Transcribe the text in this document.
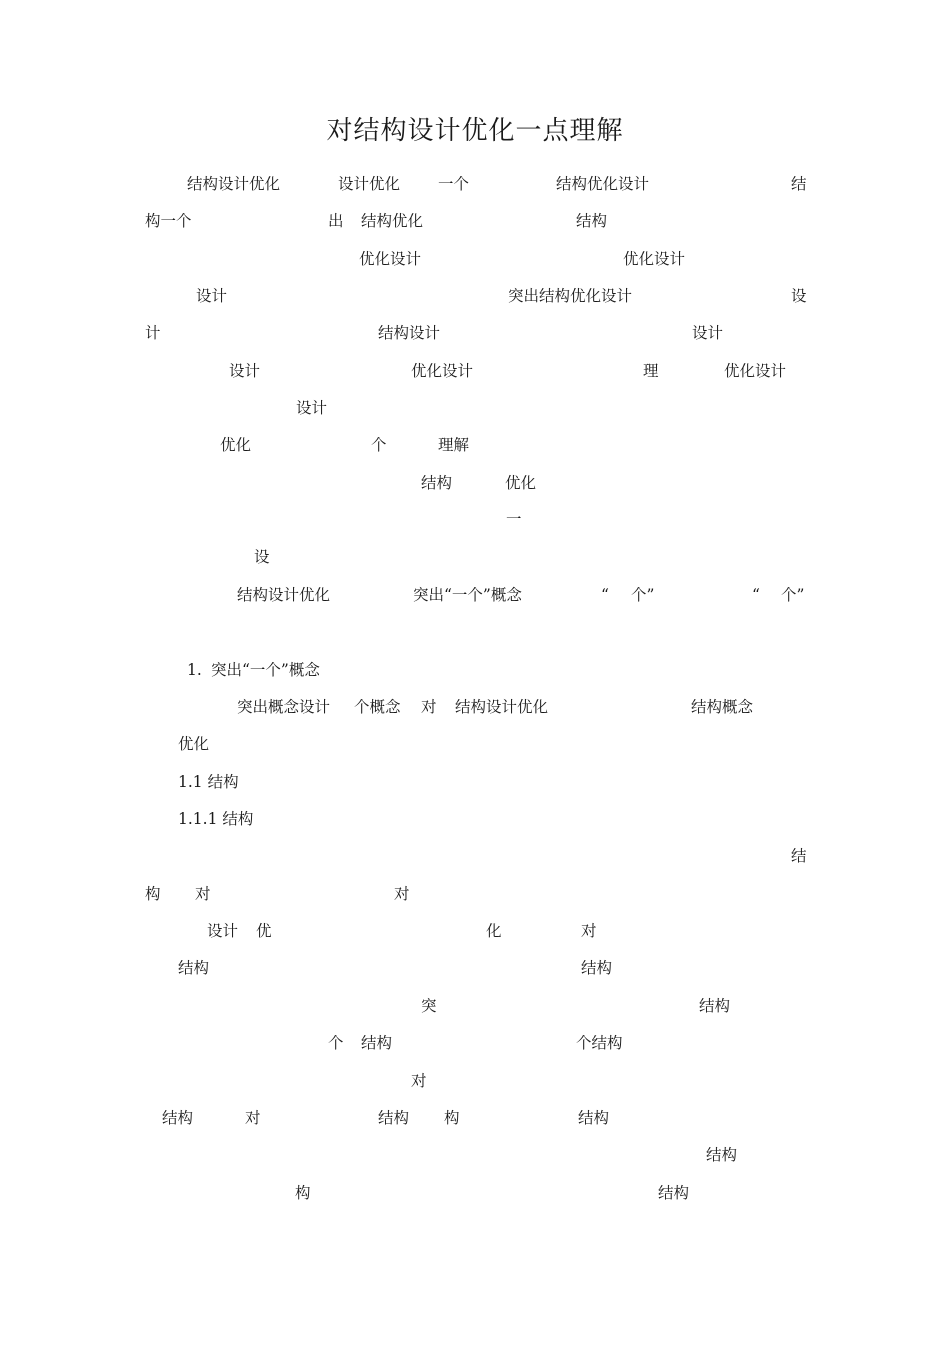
对结构设计优化一点理解
结构设计优化	设计优化 一个	结构优化设计	结
构一个	出 结构优化	结构
优化设计	优化设计
设计	突出结构优化设计	设
计	结构设计	设计
设计	优化设计	理	优化设计
设计
优化	个	理解
结构	优化
一
设
结构设计优化	突出“一个”概念	“ 个”	“ 个”
1. 突出“一个”概念
突出概念设计 个概念 对 结构设计优化	结构概念
优化
1.1 结构
1.1.1 结构
结
构 对	对
设计 优	化	对
结构	结构
突	结构
个 结构	个结构
对
结构	对	结构 构	结构
结构
构	结构
